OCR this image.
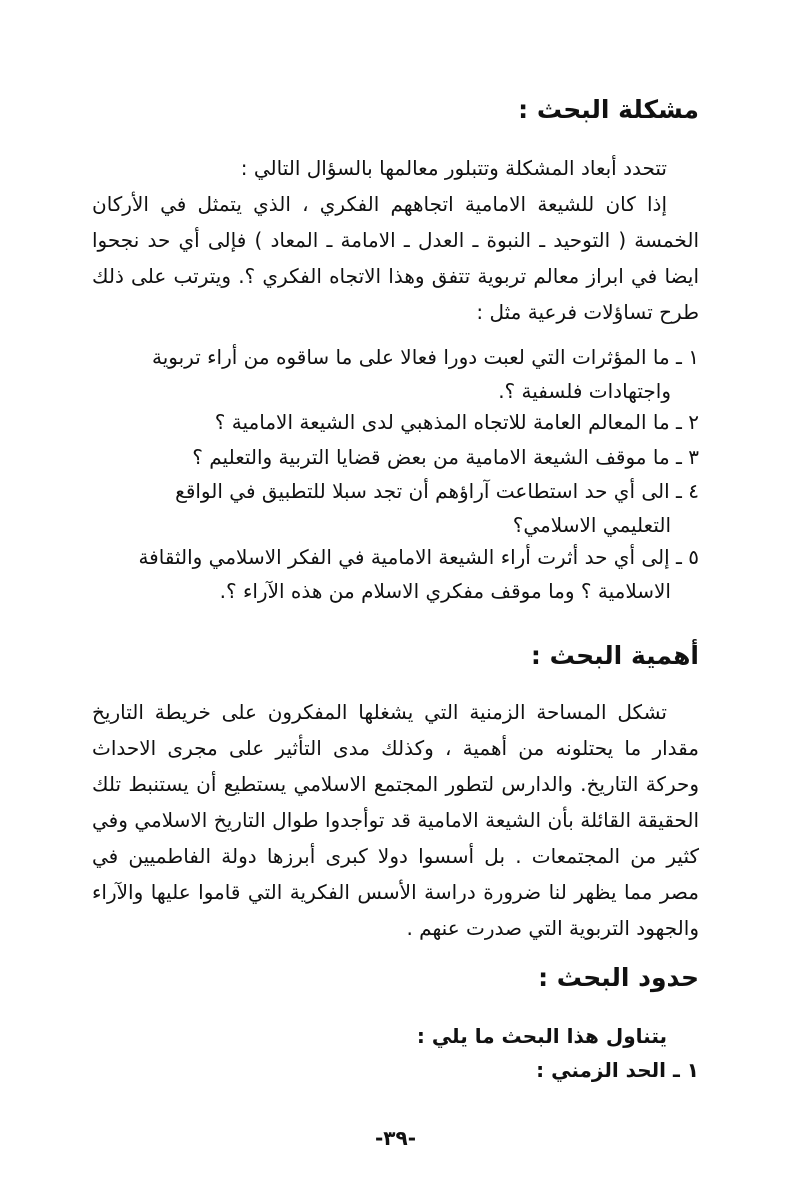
مشكلة البحث :
تتحدد أبعاد المشكلة وتتبلور معالمها بالسؤال التالي :
إذا كان للشيعة الامامية اتجاههم الفكري ، الذي يتمثل في الأركان الخمسة ( التوحيد ـ النبوة ـ العدل ـ الامامة ـ المعاد ) فإلى أي حد نجحوا ايضا في ابراز معالم تربوية تتفق وهذا الاتجاه الفكري ؟. ويترتب على ذلك طرح تساؤلات فرعية مثل :
١ ـ ما المؤثرات التي لعبت دورا فعالا على ما ساقوه من أراء تربوية
واجتهادات فلسفية ؟.
٢ ـ ما المعالم العامة للاتجاه المذهبي لدى الشيعة الامامية ؟
٣ ـ ما موقف الشيعة الامامية من بعض قضايا التربية والتعليم ؟
٤ ـ الى أي حد استطاعت آراؤهم أن تجد سبلا للتطبيق في الواقع
التعليمي الاسلامي؟
٥ ـ إلى أي حد أثرت أراء الشيعة الامامية في الفكر الاسلامي والثقافة
الاسلامية ؟ وما موقف مفكري الاسلام من هذه الآراء ؟.
أهمية البحث :
تشكل المساحة الزمنية التي يشغلها المفكرون على خريطة التاريخ مقدار ما يحتلونه من أهمية ، وكذلك مدى التأثير على مجرى الاحداث وحركة التاريخ. والدارس لتطور المجتمع الاسلامي يستطيع أن يستنبط تلك الحقيقة القائلة بأن الشيعة الامامية قد توأجدوا طوال التاريخ الاسلامي وفي كثير من المجتمعات . بل أسسوا دولا كبرى أبرزها دولة الفاطميين في مصر مما يظهر لنا ضرورة دراسة الأسس الفكرية التي قاموا عليها والآراء والجهود التربوية التي صدرت عنهم .
حدود البحث :
يتناول هذا البحث ما يلي :
١ ـ الحد الزمني :
-٣٩-
